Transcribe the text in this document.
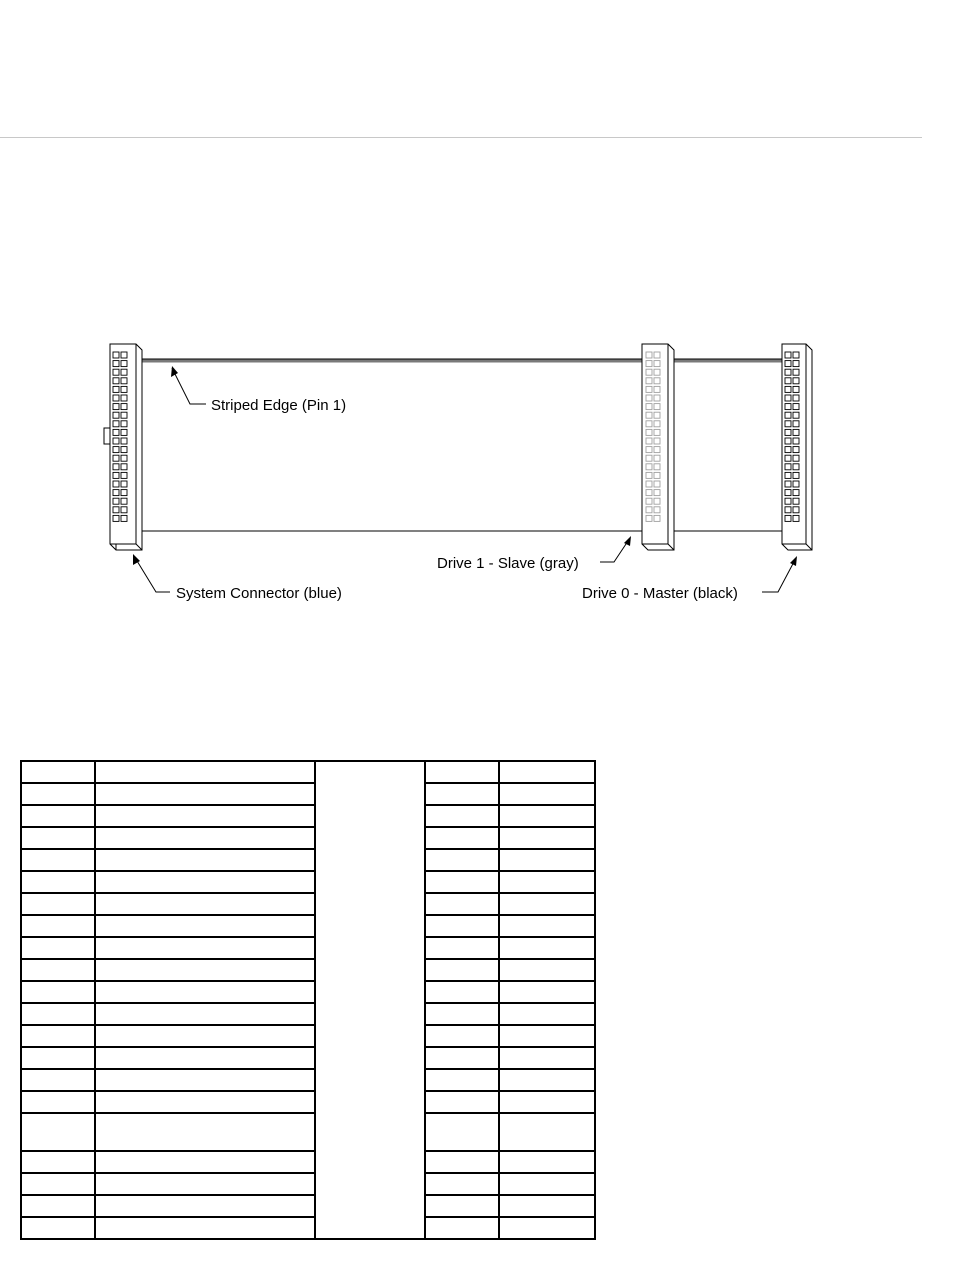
Striped Edge (Pin 1)
System Connector (blue)
Drive 1 - Slave (gray)
Drive 0 - Master (black)
